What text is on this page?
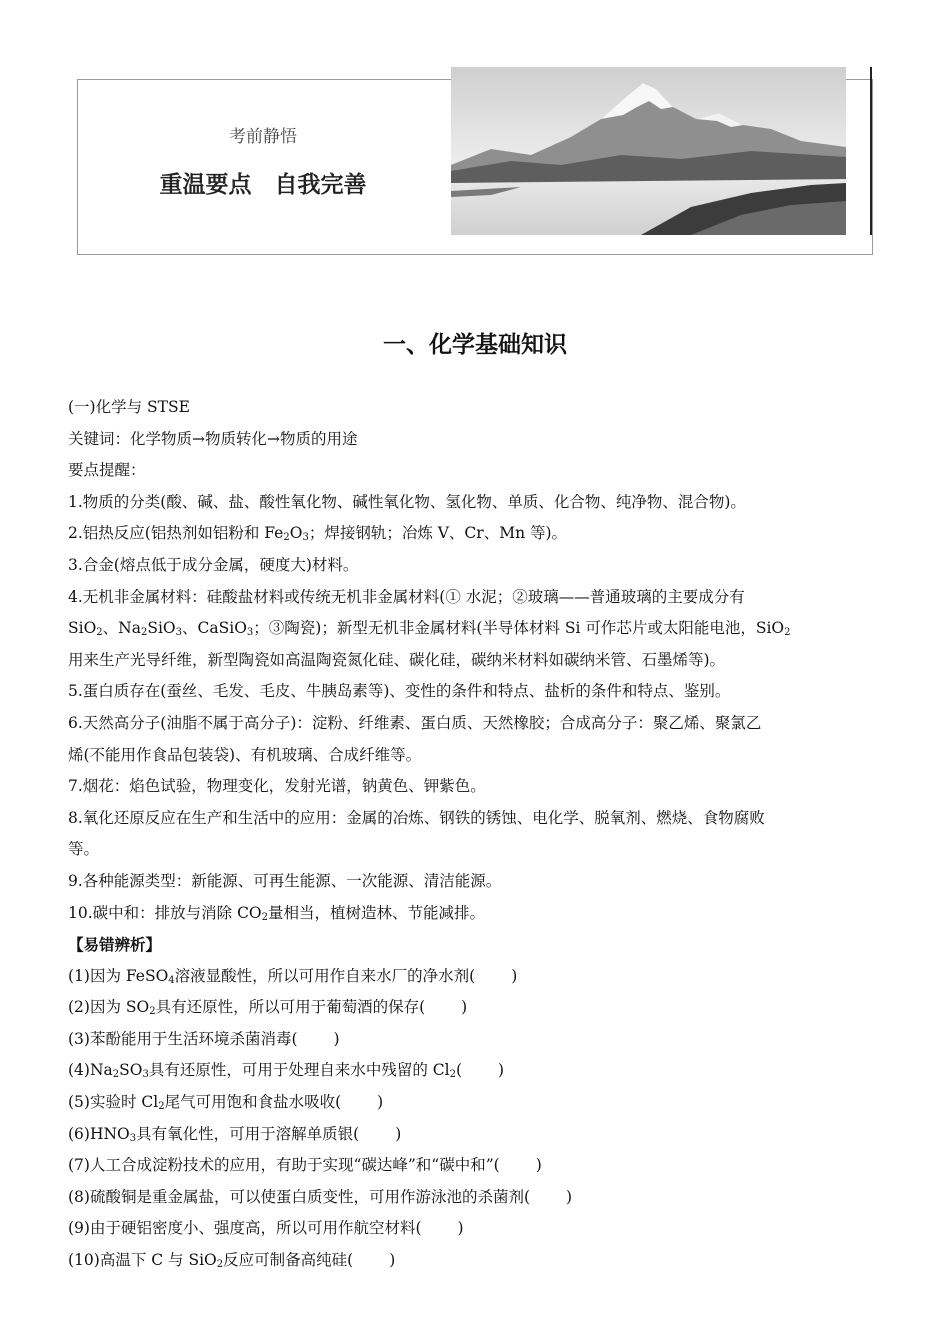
考前静悟
重温要点　自我完善
一、化学基础知识
(一)化学与 STSE
关键词：化学物质→物质转化→物质的用途
要点提醒：
1.物质的分类(酸、碱、盐、酸性氧化物、碱性氧化物、氢化物、单质、化合物、纯净物、混合物)。
2.铝热反应(铝热剂如铝粉和 $Fe_2O_3$；焊接钢轨；冶炼 V、Cr、Mn 等)。
3.合金(熔点低于成分金属，硬度大)材料。
4.无机非金属材料：硅酸盐材料或传统无机非金属材料(① 水泥；②玻璃——普通玻璃的主要成分有
SiO$_2$、$Na_2SiO_3$、CaSiO$_3$；③陶瓷)；新型无机非金属材料(半导体材料 Si 可作芯片或太阳能电池，SiO$_2$
用来生产光导纤维，新型陶瓷如高温陶瓷氮化硅、碳化硅，碳纳米材料如碳纳米管、石墨烯等)。
5.蛋白质存在(蚕丝、毛发、毛皮、牛胰岛素等)、变性的条件和特点、盐析的条件和特点、鉴别。
6.天然高分子(油脂不属于高分子)：淀粉、纤维素、蛋白质、天然橡胶；合成高分子：聚乙烯、聚氯乙
烯(不能用作食品包装袋)、有机玻璃、合成纤维等。
7.烟花：焰色试验，物理变化，发射光谱，钠黄色、钾紫色。
8.氧化还原反应在生产和生活中的应用：金属的冶炼、钢铁的锈蚀、电化学、脱氧剂、燃烧、食物腐败
等。
9.各种能源类型：新能源、可再生能源、一次能源、清洁能源。
10.碳中和：排放与消除 $CO_2$量相当，植树造林、节能减排。
【易错辨析】
(1)因为 FeSO$_4$溶液显酸性，所以可用作自来水厂的净水剂( )
(2)因为 $SO_2$具有还原性，所以可用于葡萄酒的保存( )
(3)苯酚能用于生活环境杀菌消毒( )
$(4)Na_2SO_3$具有还原性，可用于处理自来水中残留的 $Cl_2$( )
(5)实验时 $Cl_2$尾气可用饱和食盐水吸收( )
$(6)HNO_3$具有氧化性，可用于溶解单质银( )
(7)人工合成淀粉技术的应用，有助于实现“碳达峰”和“碳中和”( )
(8)硫酸铜是重金属盐，可以使蛋白质变性，可用作游泳池的杀菌剂( )
(9)由于硬铝密度小、强度高，所以可用作航空材料( )
(10)高温下 C 与 SiO$_2$反应可制备高纯硅( )
